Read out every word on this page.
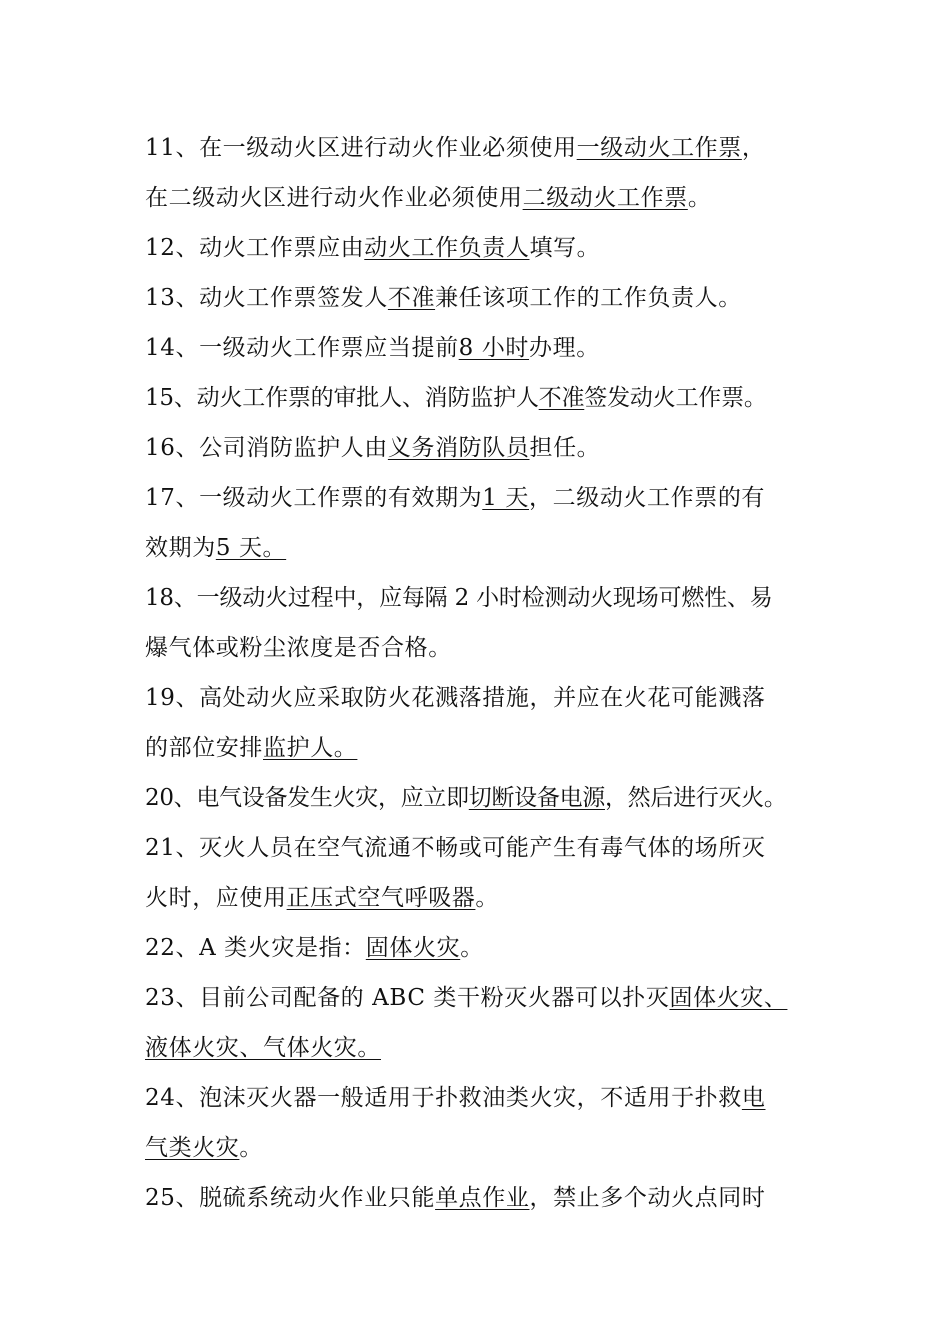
11、在一级动火区进行动火作业必须使用一级动火工作票，
在二级动火区进行动火作业必须使用二级动火工作票。
12、动火工作票应由动火工作负责人填写。
13、动火工作票签发人不准兼任该项工作的工作负责人。
14、一级动火工作票应当提前8 小时办理。
15、动火工作票的审批人、消防监护人不准签发动火工作票。
16、公司消防监护人由义务消防队员担任。
17、一级动火工作票的有效期为1 天，二级动火工作票的有
效期为5 天。
18、一级动火过程中，应每隔 2 小时检测动火现场可燃性、易
爆气体或粉尘浓度是否合格。
19、高处动火应采取防火花溅落措施，并应在火花可能溅落
的部位安排监护人。
20、电气设备发生火灾，应立即切断设备电源，然后进行灭火。
21、灭火人员在空气流通不畅或可能产生有毒气体的场所灭
火时，应使用正压式空气呼吸器。
22、A 类火灾是指：固体火灾。
23、目前公司配备的 ABC 类干粉灭火器可以扑灭固体火灾、
液体火灾、气体火灾。
24、泡沫灭火器一般适用于扑救油类火灾，不适用于扑救电
气类火灾。
25、脱硫系统动火作业只能单点作业，禁止多个动火点同时
